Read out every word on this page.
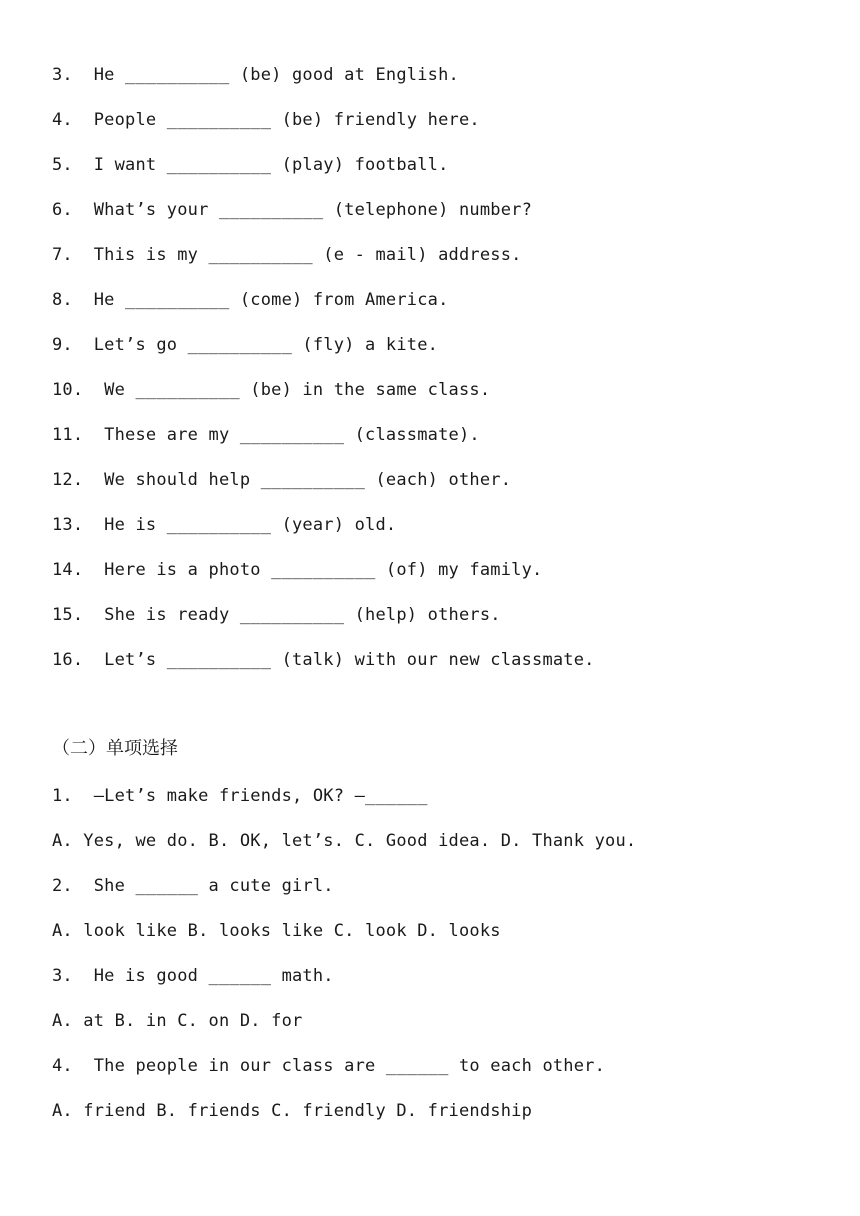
3.  He __________ (be) good at English.
4.  People __________ (be) friendly here.
5.  I want __________ (play) football.
6.  What’s your __________ (telephone) number?
7.  This is my __________ (e - mail) address.
8.  He __________ (come) from America.
9.  Let’s go __________ (fly) a kite.
10.  We __________ (be) in the same class.
11.  These are my __________ (classmate).
12.  We should help __________ (each) other.
13.  He is __________ (year) old.
14.  Here is a photo __________ (of) my family.
15.  She is ready __________ (help) others.
16.  Let’s __________ (talk) with our new classmate.
（二）单项选择
1.  —Let’s make friends, OK? —______
A. Yes, we do. B. OK, let’s. C. Good idea. D. Thank you.
2.  She ______ a cute girl.
A. look like B. looks like C. look D. looks
3.  He is good ______ math.
A. at B. in C. on D. for
4.  The people in our class are ______ to each other.
A. friend B. friends C. friendly D. friendship
